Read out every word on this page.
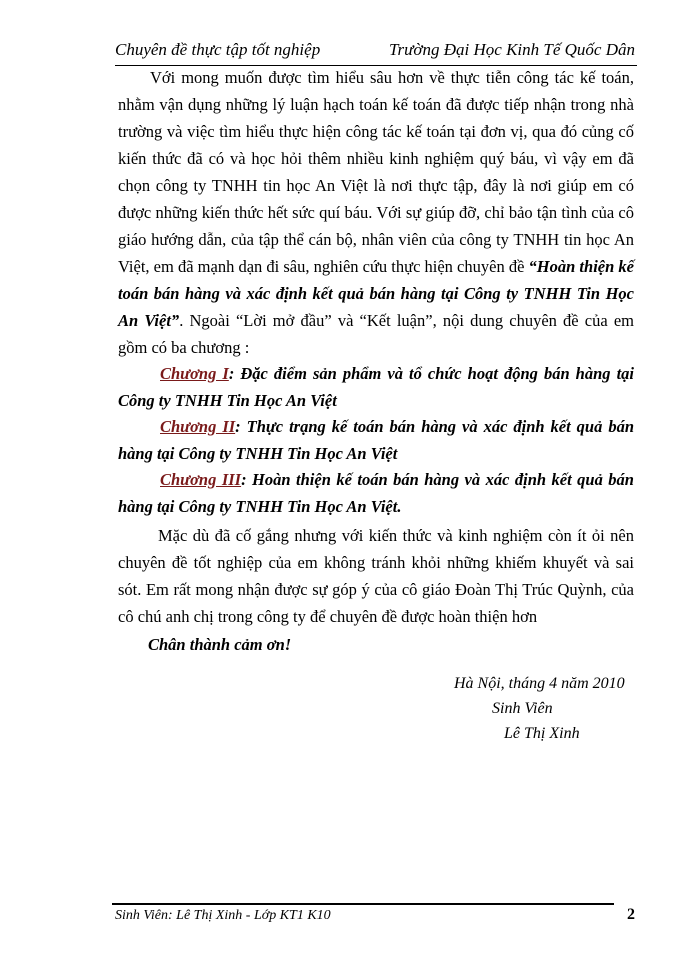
Chuyên đề thực tập tốt nghiệp	Trường Đại Học Kinh Tế Quốc Dân

Với mong muốn được tìm hiểu sâu hơn về thực tiễn công tác kế toán, nhằm vận dụng những lý luận hạch toán kế toán đã được tiếp nhận trong nhà trường và việc tìm hiểu thực hiện công tác kế toán tại đơn vị, qua đó củng cố kiến thức đã có và học hỏi thêm nhiều kinh nghiệm quý báu, vì vậy em đã chọn công ty TNHH tin học An Việt là nơi thực tập, đây là nơi giúp em có được những kiến thức hết sức quí báu. Với sự giúp đỡ, chỉ bảo tận tình của cô giáo hướng dẫn, của tập thể cán bộ, nhân viên của công ty TNHH tin học An Việt, em đã mạnh dạn đi sâu, nghiên cứu thực hiện chuyên đề “Hoàn thiện kế toán bán hàng và xác định kết quả bán hàng tại Công ty TNHH Tin Học An Việt”. Ngoài “Lời mở đầu” và “Kết luận”, nội dung chuyên đề của em gồm có ba chương :

Chương I: Đặc điểm sản phẩm và tổ chức hoạt động bán hàng tại Công ty TNHH Tin Học An Việt

Chương II: Thực trạng kế toán bán hàng và xác định kết quả bán hàng tại Công ty TNHH Tin Học An Việt

Chương III: Hoàn thiện kế toán bán hàng và xác định kết quả bán hàng tại Công ty TNHH Tin Học An Việt.

Mặc dù đã cố gắng nhưng với kiến thức và kinh nghiệm còn ít ỏi nên chuyên đề tốt nghiệp của em không tránh khỏi những khiếm khuyết và sai sót. Em rất mong nhận được sự góp ý của cô giáo Đoàn Thị Trúc Quỳnh, của cô chú anh chị trong công ty để chuyên đề được hoàn thiện hơn

Chân thành cảm ơn!

Hà Nội, tháng 4 năm 2010
Sinh Viên
Lê Thị Xinh
Sinh Viên: Lê Thị Xinh - Lớp KT1 K10	2
